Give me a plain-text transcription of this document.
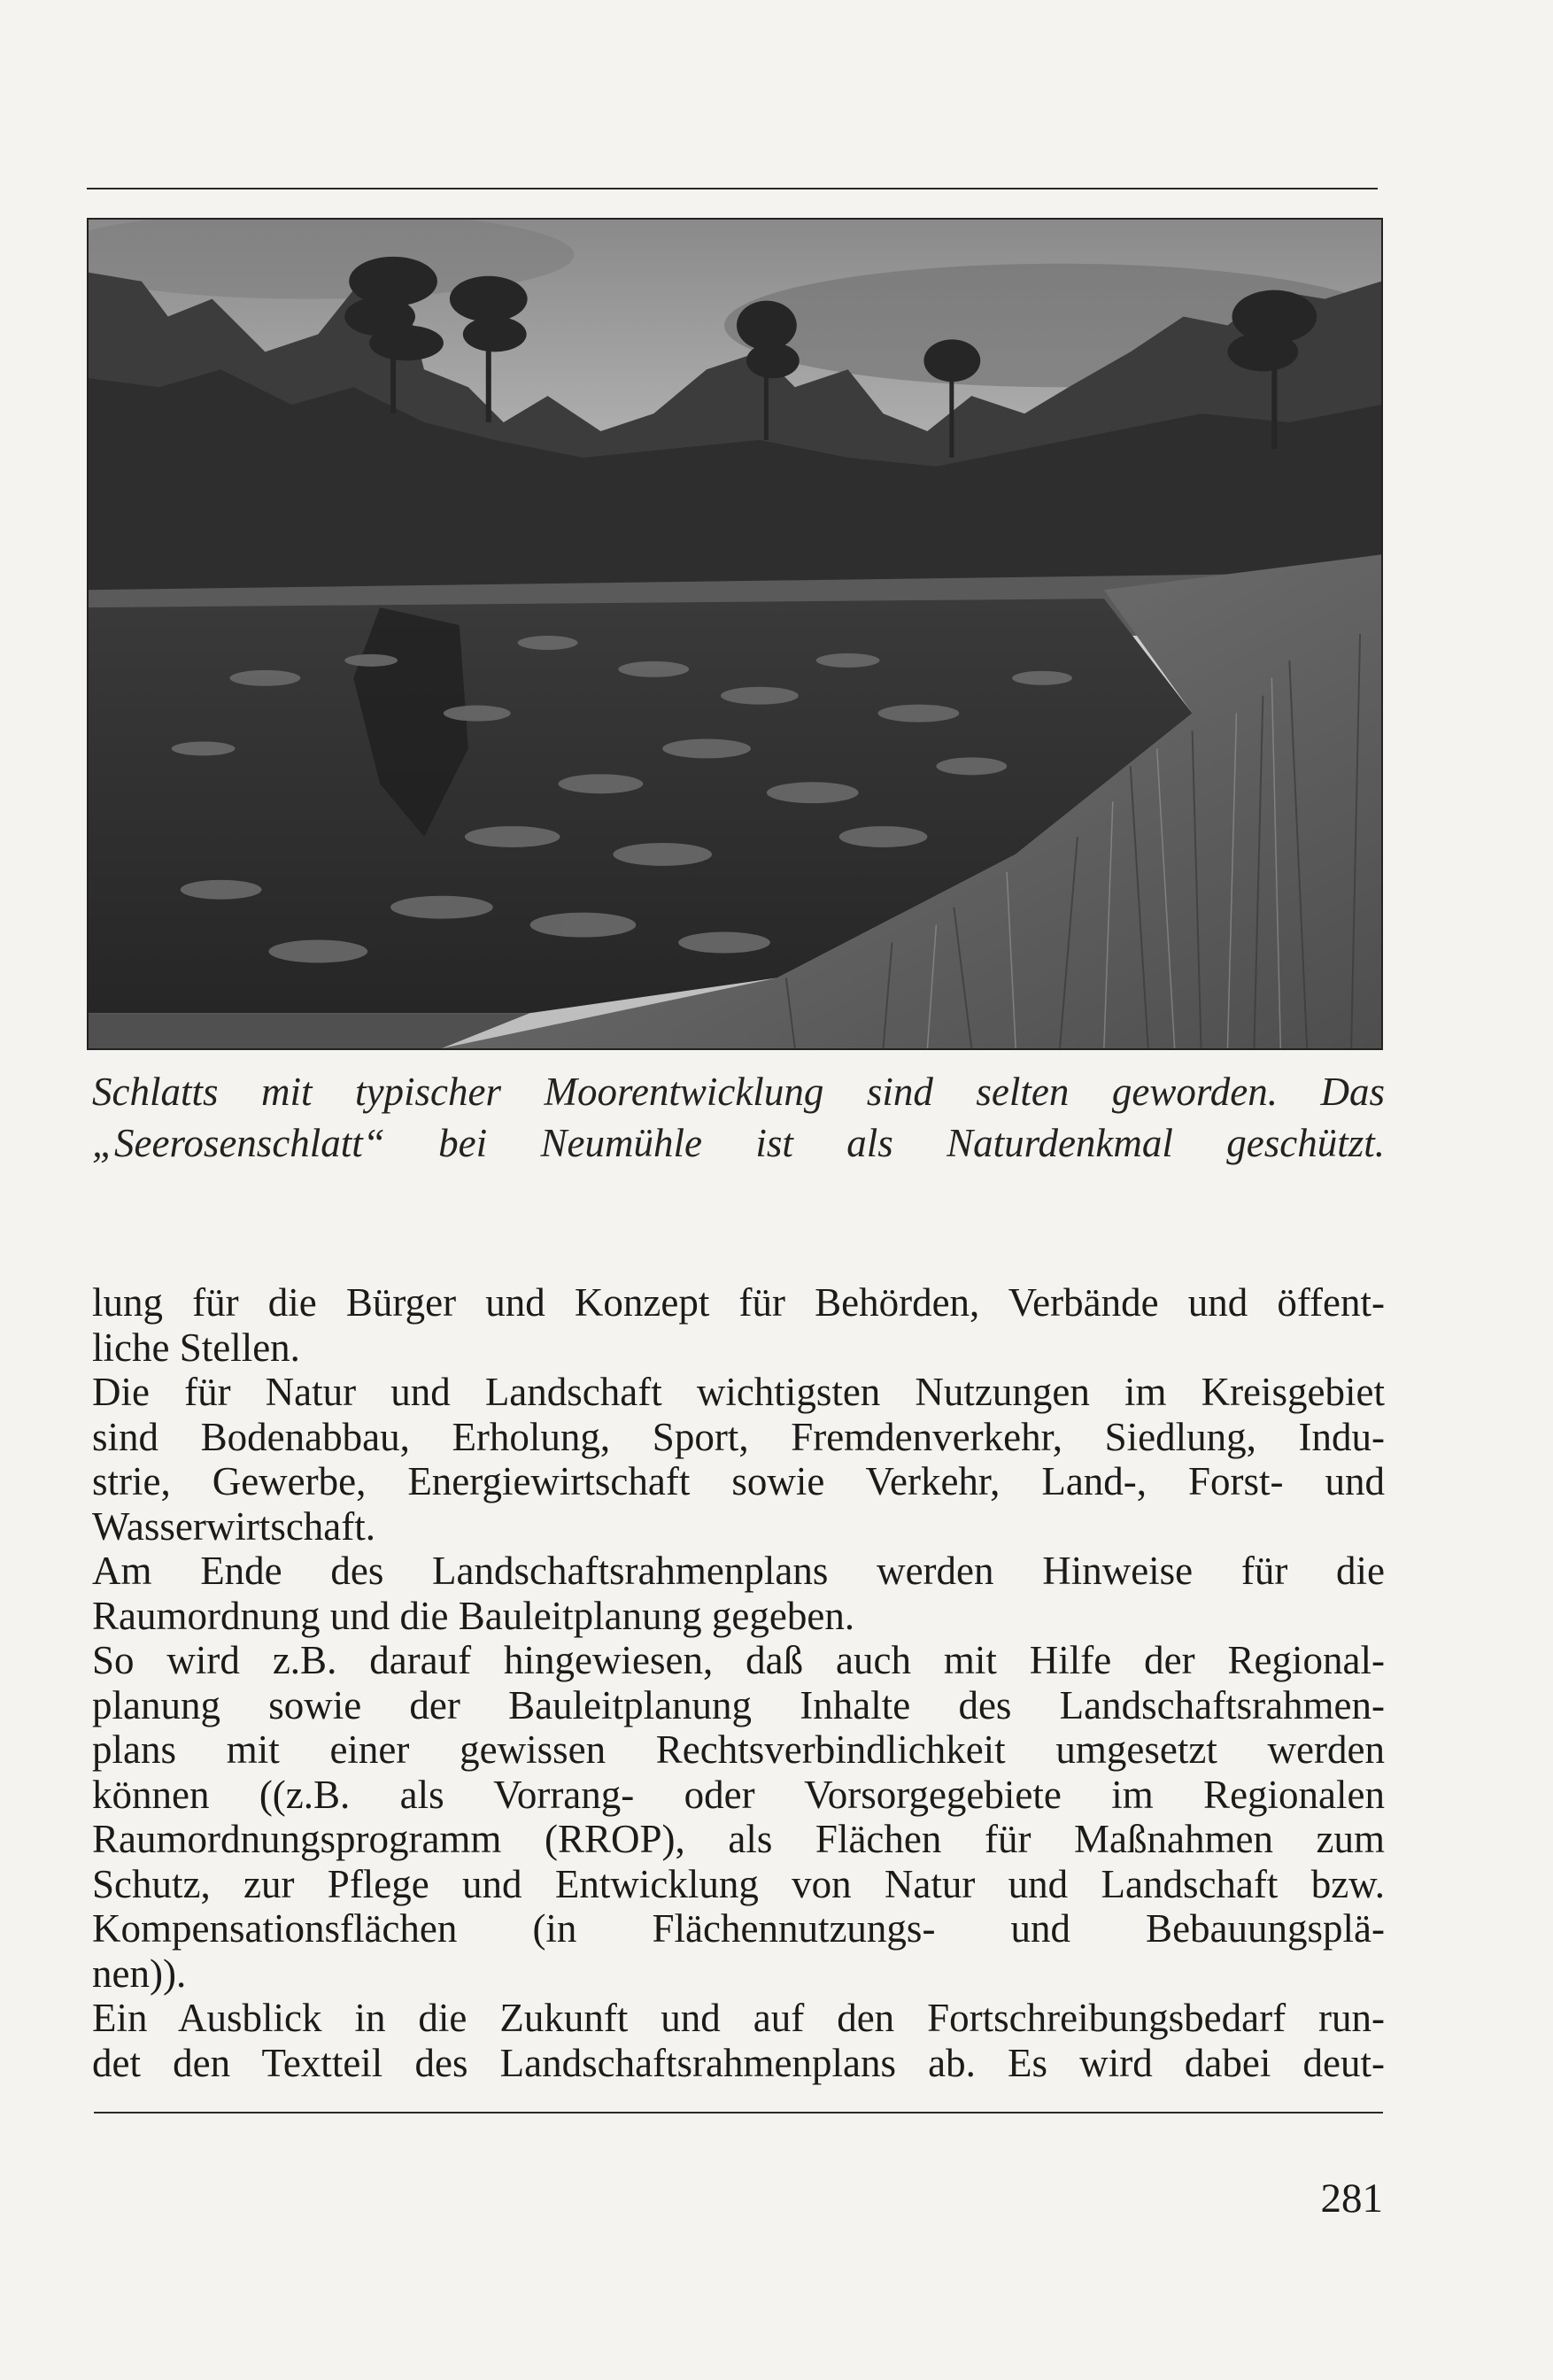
Schlatts mit typischer Moorentwicklung sind selten geworden. Das
„Seerosenschlatt“ bei Neumühle ist als Naturdenkmal geschützt.
lung für die Bürger und Konzept für Behörden, Verbände und öffent-
liche Stellen.
Die für Natur und Landschaft wichtigsten Nutzungen im Kreisgebiet
sind Bodenabbau, Erholung, Sport, Fremdenverkehr, Siedlung, Indu-
strie, Gewerbe, Energiewirtschaft sowie Verkehr, Land-, Forst- und
Wasserwirtschaft.
Am Ende des Landschaftsrahmenplans werden Hinweise für die
Raumordnung und die Bauleitplanung gegeben.
So wird z.B. darauf hingewiesen, daß auch mit Hilfe der Regional-
planung sowie der Bauleitplanung Inhalte des Landschaftsrahmen-
plans mit einer gewissen Rechtsverbindlichkeit umgesetzt werden
können ((z.B. als Vorrang- oder Vorsorgegebiete im Regionalen
Raumordnungsprogramm (RROP), als Flächen für Maßnahmen zum
Schutz, zur Pflege und Entwicklung von Natur und Landschaft bzw.
Kompensationsflächen (in Flächennutzungs- und Bebauungsplä-
nen)).
Ein Ausblick in die Zukunft und auf den Fortschreibungsbedarf run-
det den Textteil des Landschaftsrahmenplans ab. Es wird dabei deut-
281
